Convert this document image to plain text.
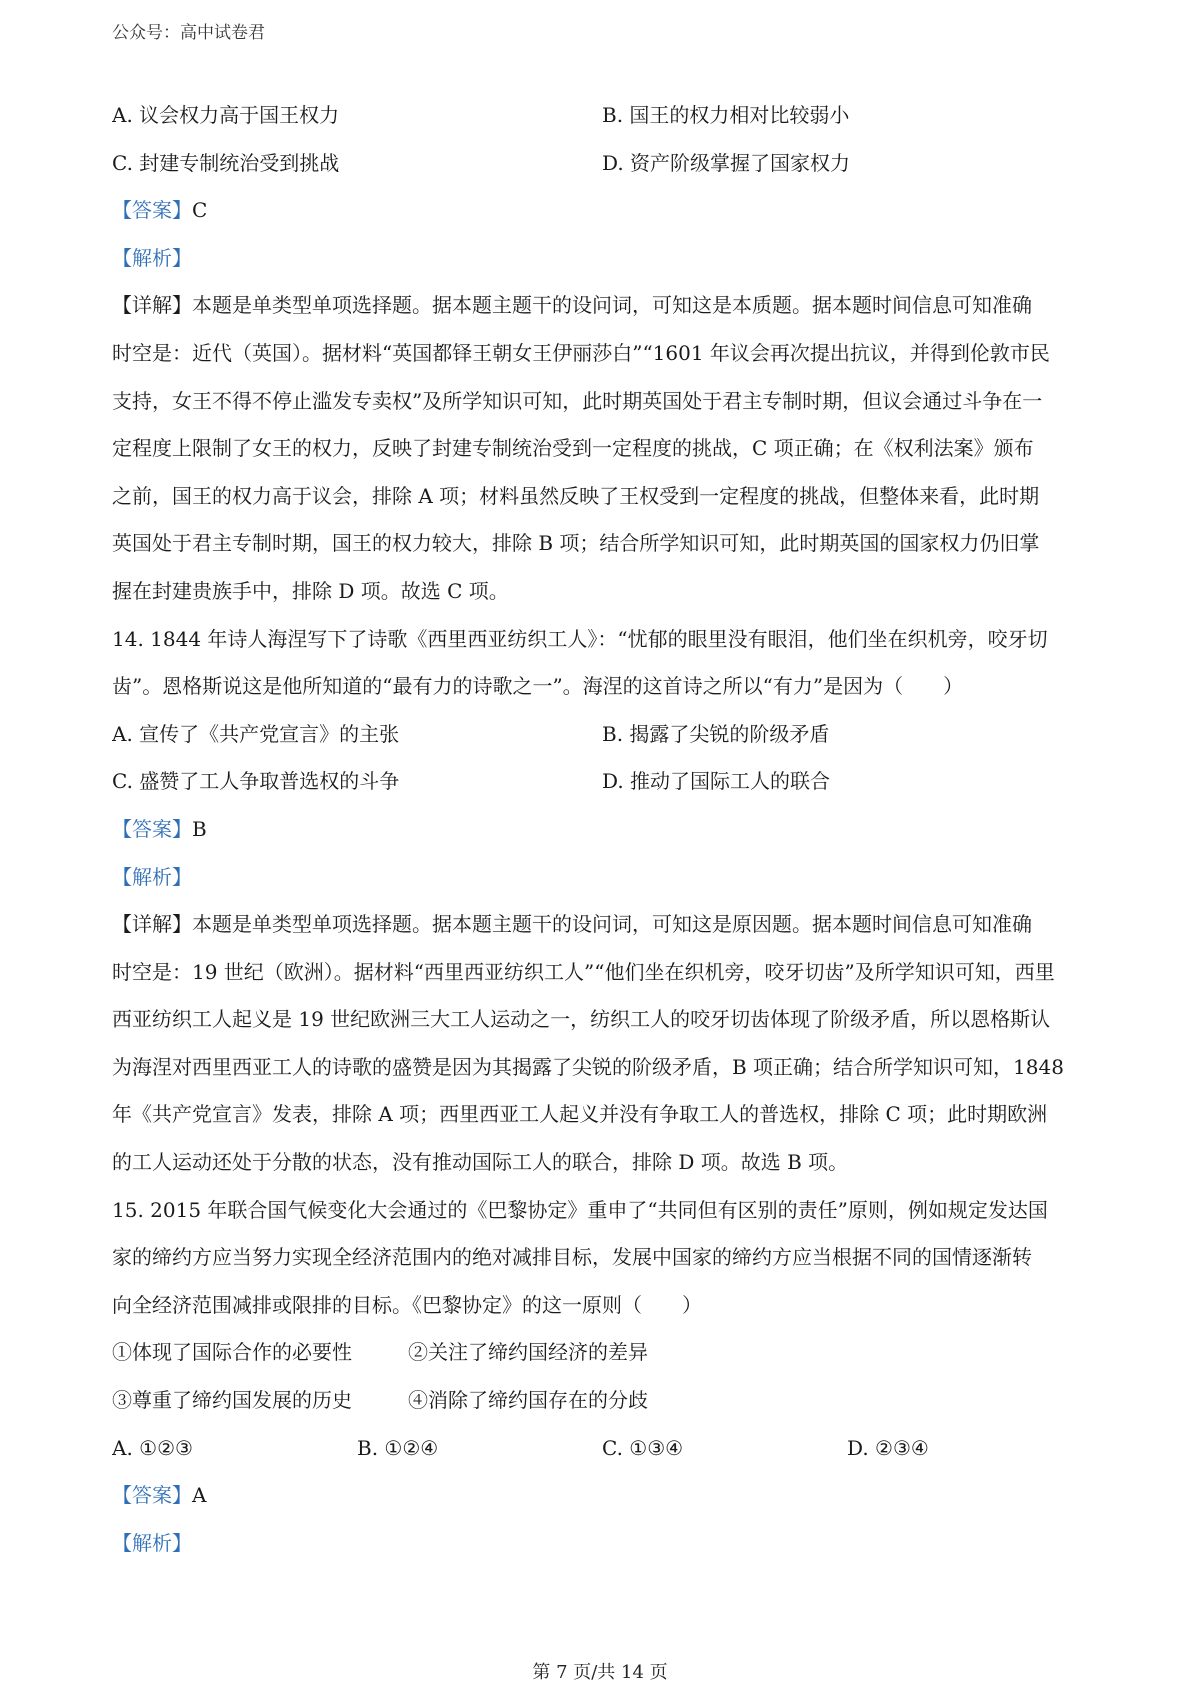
公众号：高中试卷君
A. 议会权力高于国王权力	B. 国王的权力相对比较弱小
C. 封建专制统治受到挑战	D. 资产阶级掌握了国家权力
【答案】C
【解析】
【详解】本题是单类型单项选择题。据本题主题干的设问词，可知这是本质题。据本题时间信息可知准确
时空是：近代（英国）。据材料“英国都铎王朝女王伊丽莎白”“1601 年议会再次提出抗议，并得到伦敦市民
支持，女王不得不停止滥发专卖权”及所学知识可知，此时期英国处于君主专制时期，但议会通过斗争在一
定程度上限制了女王的权力，反映了封建专制统治受到一定程度的挑战，C 项正确；在《权利法案》颁布
之前，国王的权力高于议会，排除 A 项；材料虽然反映了王权受到一定程度的挑战，但整体来看，此时期
英国处于君主专制时期，国王的权力较大，排除 B 项；结合所学知识可知，此时期英国的国家权力仍旧掌
握在封建贵族手中，排除 D 项。故选 C 项。
14. 1844 年诗人海涅写下了诗歌《西里西亚纺织工人》：“忧郁的眼里没有眼泪，他们坐在织机旁，咬牙切
齿”。恩格斯说这是他所知道的“最有力的诗歌之一”。海涅的这首诗之所以“有力”是因为（　　）
A. 宣传了《共产党宣言》的主张	B. 揭露了尖锐的阶级矛盾
C. 盛赞了工人争取普选权的斗争	D. 推动了国际工人的联合
【答案】B
【解析】
【详解】本题是单类型单项选择题。据本题主题干的设问词，可知这是原因题。据本题时间信息可知准确
时空是：19 世纪（欧洲）。据材料“西里西亚纺织工人”“他们坐在织机旁，咬牙切齿”及所学知识可知，西里
西亚纺织工人起义是 19 世纪欧洲三大工人运动之一，纺织工人的咬牙切齿体现了阶级矛盾，所以恩格斯认
为海涅对西里西亚工人的诗歌的盛赞是因为其揭露了尖锐的阶级矛盾，B 项正确；结合所学知识可知，1848
年《共产党宣言》发表，排除 A 项；西里西亚工人起义并没有争取工人的普选权，排除 C 项；此时期欧洲
的工人运动还处于分散的状态，没有推动国际工人的联合，排除 D 项。故选 B 项。
15. 2015 年联合国气候变化大会通过的《巴黎协定》重申了“共同但有区别的责任”原则，例如规定发达国
家的缔约方应当努力实现全经济范围内的绝对减排目标，发展中国家的缔约方应当根据不同的国情逐渐转
向全经济范围减排或限排的目标。《巴黎协定》的这一原则（　　）
①体现了国际合作的必要性	②关注了缔约国经济的差异
③尊重了缔约国发展的历史	④消除了缔约国存在的分歧
A. ①②③	B. ①②④	C. ①③④	D. ②③④
【答案】A
【解析】
第 7 页/共 14 页
